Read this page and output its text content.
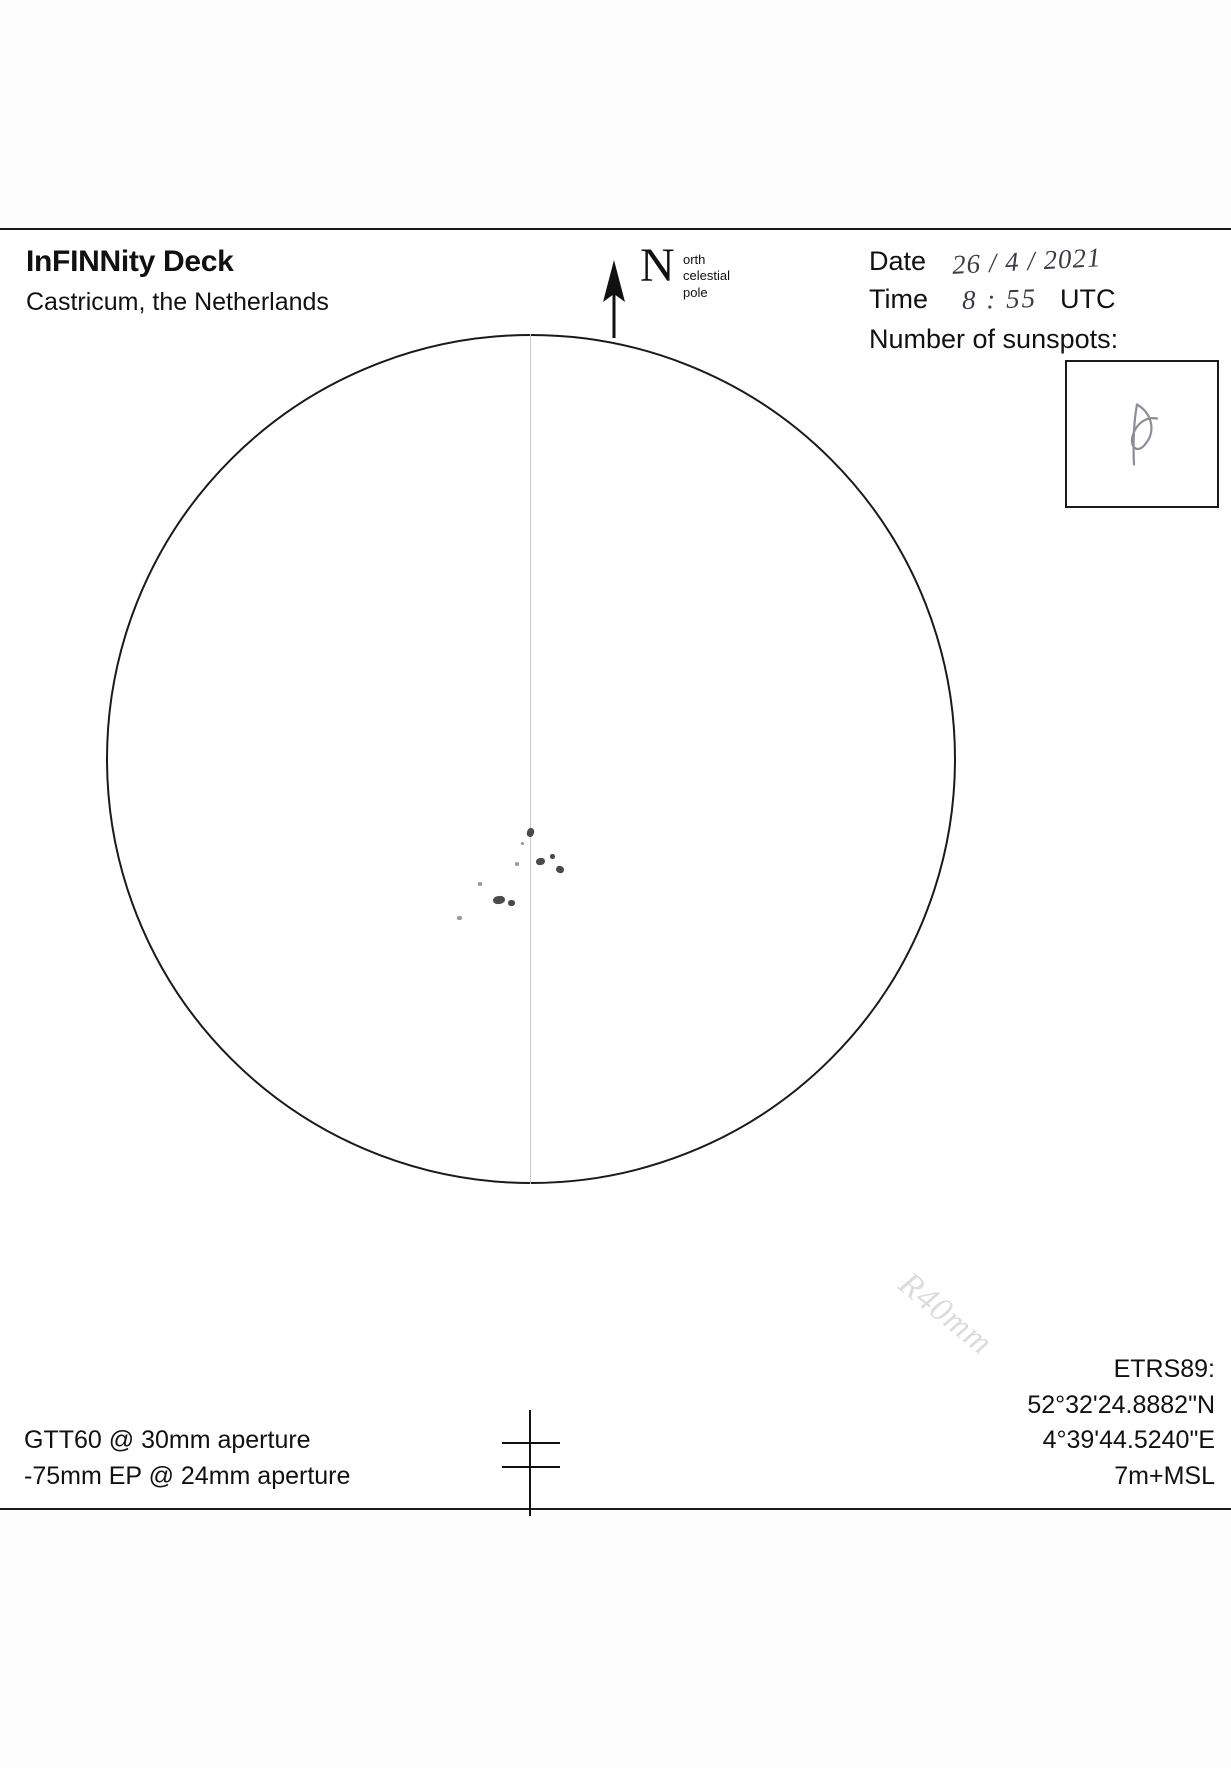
InFINNity Deck
Castricum, the Netherlands
N orth
celestial
pole
Date 26 / 4 / 2021
Time 8 : 55 UTC
Number of sunspots:
R40mm
GTT60 @ 30mm aperture
-75mm EP @ 24mm aperture
ETRS89:
52°32'24.8882"N
4°39'44.5240"E
7m+MSL
